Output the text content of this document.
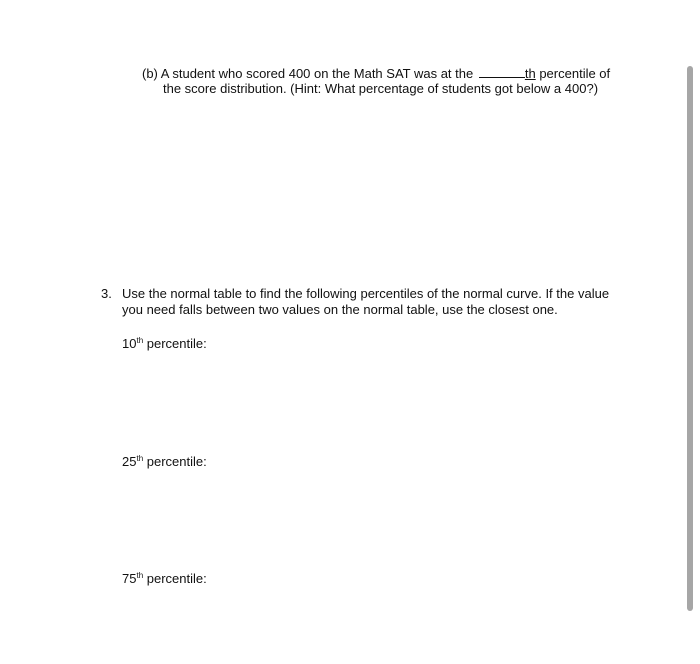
(b) A student who scored 400 on the Math SAT was at the	th percentile of
the score distribution. (Hint: What percentage of students got below a 400?)
3. Use the normal table to find the following percentiles of the normal curve. If the value
you need falls between two values on the normal table, use the closest one.
10th percentile:
25th percentile:
75th percentile:
